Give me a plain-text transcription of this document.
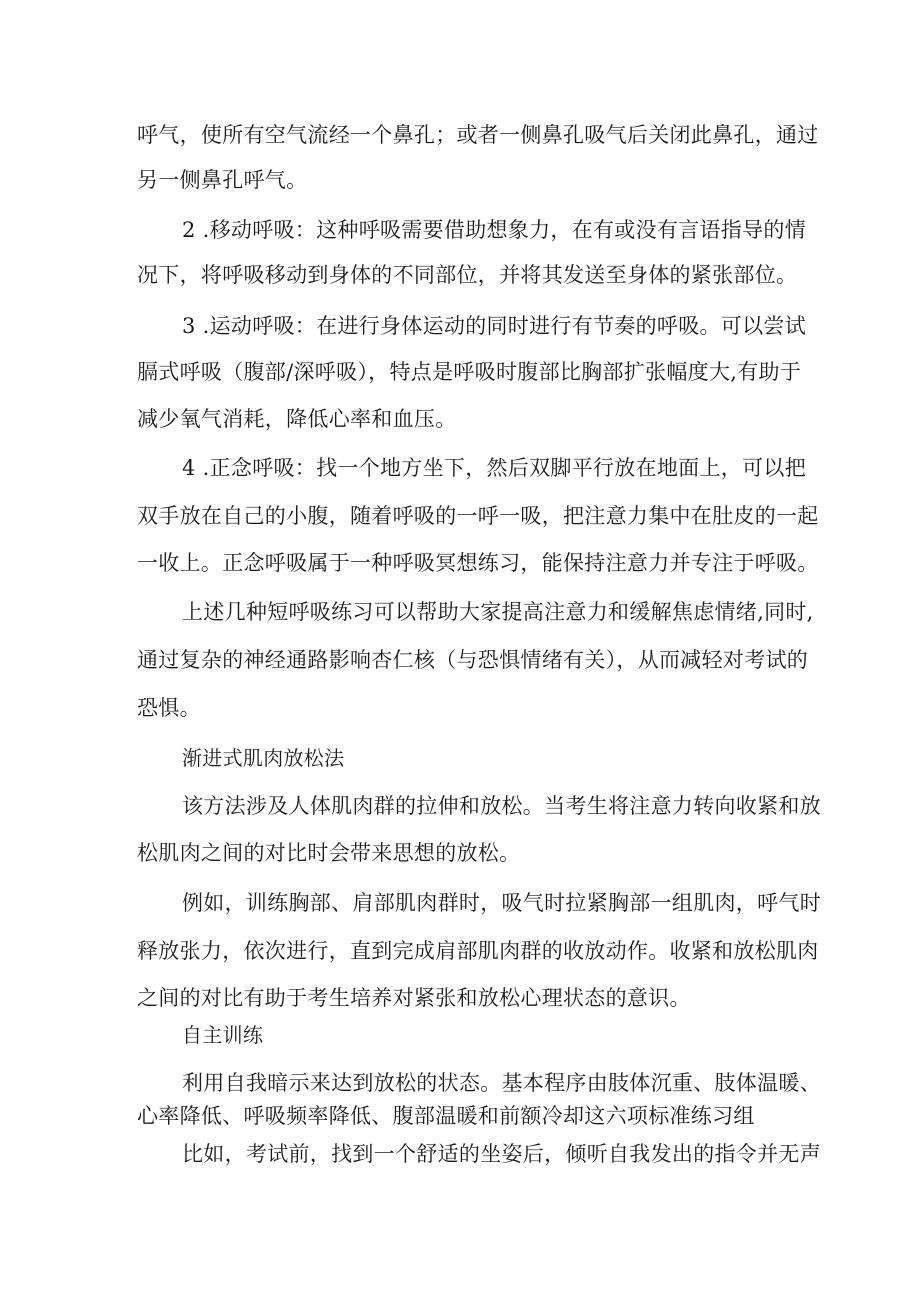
呼气，使所有空气流经一个鼻孔；或者一侧鼻孔吸气后关闭此鼻孔，通过
另一侧鼻孔呼气。
2 .移动呼吸：这种呼吸需要借助想象力，在有或没有言语指导的情
况下，将呼吸移动到身体的不同部位，并将其发送至身体的紧张部位。
3 .运动呼吸：在进行身体运动的同时进行有节奏的呼吸。可以尝试
膈式呼吸（腹部/深呼吸），特点是呼吸时腹部比胸部扩张幅度大,有助于
减少氧气消耗，降低心率和血压。
4 .正念呼吸：找一个地方坐下，然后双脚平行放在地面上，可以把
双手放在自己的小腹，随着呼吸的一呼一吸，把注意力集中在肚皮的一起
一收上。正念呼吸属于一种呼吸冥想练习，能保持注意力并专注于呼吸。
上述几种短呼吸练习可以帮助大家提高注意力和缓解焦虑情绪,同时,
通过复杂的神经通路影响杏仁核（与恐惧情绪有关），从而减轻对考试的
恐惧。
渐进式肌肉放松法
该方法涉及人体肌肉群的拉伸和放松。当考生将注意力转向收紧和放
松肌肉之间的对比时会带来思想的放松。
例如，训练胸部、肩部肌肉群时，吸气时拉紧胸部一组肌肉，呼气时
释放张力，依次进行，直到完成肩部肌肉群的收放动作。收紧和放松肌肉
之间的对比有助于考生培养对紧张和放松心理状态的意识。
自主训练
利用自我暗示来达到放松的状态。基本程序由肢体沉重、肢体温暖、
心率降低、呼吸频率降低、腹部温暖和前额冷却这六项标准练习组
比如，考试前，找到一个舒适的坐姿后，倾听自我发出的指令并无声
